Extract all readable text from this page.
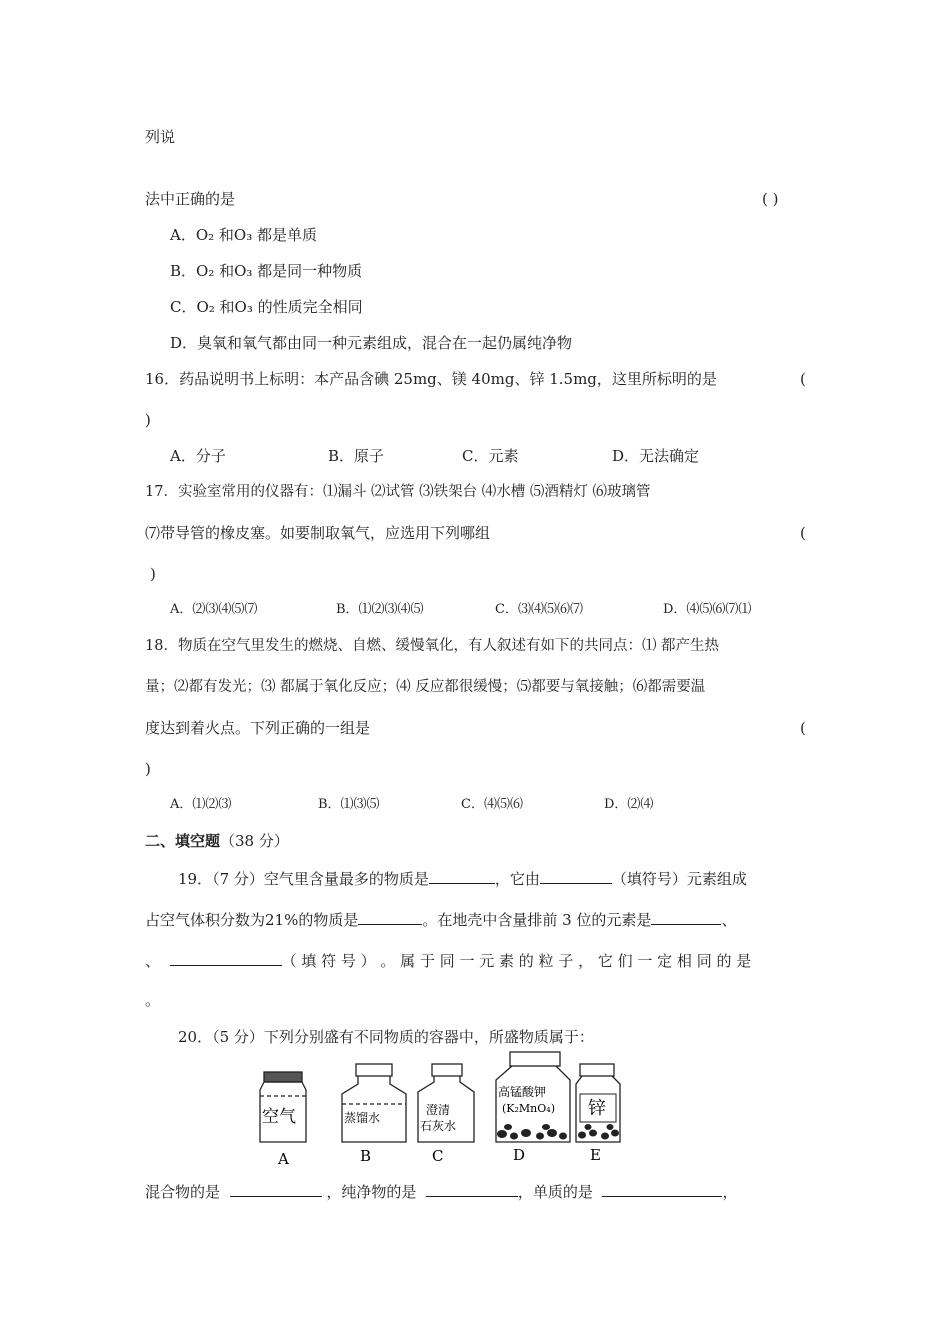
列说
法中正确的是	( )
A．O₂ 和O₃ 都是单质
B．O₂ 和O₃ 都是同一种物质
C．O₂ 和O₃ 的性质完全相同
D．臭氧和氧气都由同一种元素组成，混合在一起仍属纯净物
16．药品说明书上标明：本产品含碘 25mg、镁 40mg、锌 1.5mg，这里所标明的是	(
)
A．分子	B．原子	C．元素	D．无法确定
17．实验室常用的仪器有：⑴漏斗 ⑵试管 ⑶铁架台 ⑷水槽 ⑸酒精灯 ⑹玻璃管
⑺带导管的橡皮塞。如要制取氧气，应选用下列哪组	(
)
A．⑵⑶⑷⑸⑺	B．⑴⑵⑶⑷⑸	C．⑶⑷⑸⑹⑺	D．⑷⑸⑹⑺⑴
18．物质在空气里发生的燃烧、自燃、缓慢氧化，有人叙述有如下的共同点：⑴ 都产生热
量；⑵都有发光；⑶ 都属于氧化反应；⑷ 反应都很缓慢；⑸都要与氧接触；⑹都需要温
度达到着火点。下列正确的一组是	(
)
A．⑴⑵⑶	B．⑴⑶⑸	C．⑷⑸⑹	D．⑵⑷
二、填空题（38 分）
19．（7 分）空气里含量最多的物质是	，它由	（填符号）元素组成
占空气体积分数为21%的物质是	。在地壳中含量排前 3 位的元素是	、
、	（ 填 符 号 ） 。 属 于 同 一 元 素 的 粒 子 ， 它 们 一 定 相 同 的 是
。
20．（5 分）下列分别盛有不同物质的容器中，所盛物质属于：
空气	蒸馏水
澄清
石灰水
高锰酸钾
(K₂MnO₄) 锌
A	B	C	D	E
混合物的是	，纯净物的是	，单质的是	，
